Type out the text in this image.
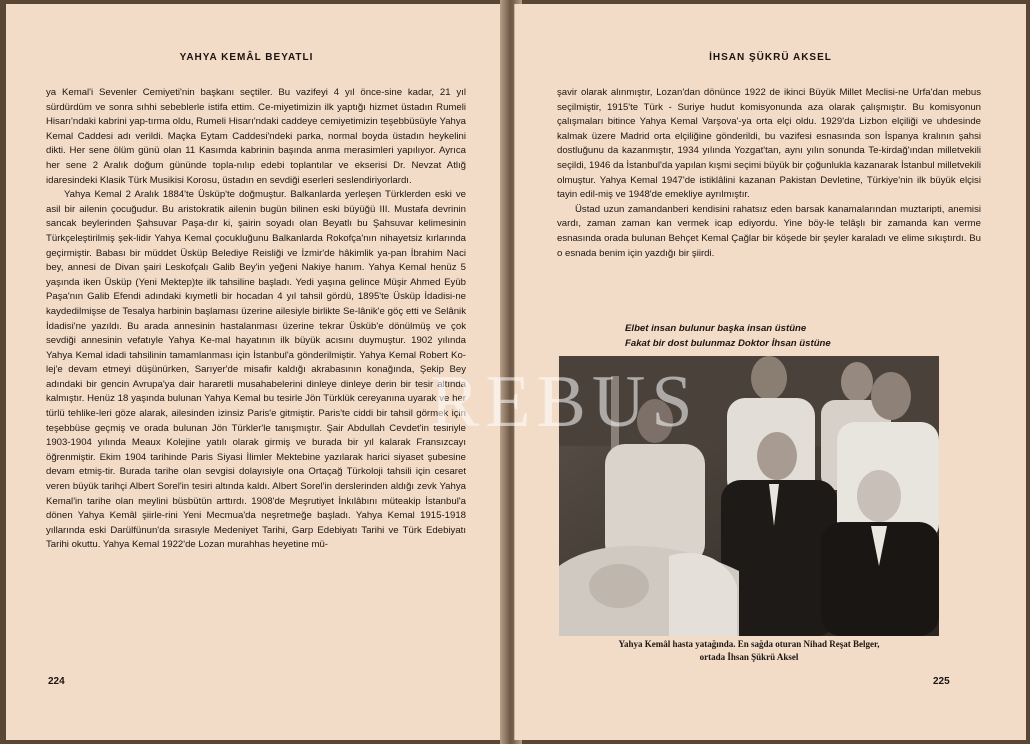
YAHYA KEMÂL BEYATLI

ya Kemal'i Sevenler Cemiyeti'nin başkanı seçtiler. Bu vazifeyi 4 yıl önce-sine kadar, 21 yıl sürdürdüm ve sonra sıhhi sebeblerle istifa ettim. Ce-miyetimizin ilk yaptığı hizmet üstadın Rumeli Hisarı'ndaki kabrini yap-tırma oldu, Rumeli Hisarı'ndaki caddeye cemiyetimizin teşebbüsüyle Yahya Kemal Caddesi adı verildi. Maçka Eytam Caddesi'ndeki parka, normal boyda üstadın heykelini dikti. Her sene ölüm günü olan 11 Kasımda kabrinin başında anma merasimleri yapılıyor. Ayrıca her sene 2 Aralık doğum gününde topla-nılıp edebi toplantılar ve ekserisi Dr. Nevzat Atlığ idaresindeki Klasik Türk Musikisi Korosu, üstadın en sevdiği eserleri seslendiriyorlardı.

Yahya Kemal 2 Aralık 1884'te Üsküp'te doğmuştur. Balkanlarda yerleşen Türklerden eski ve asil bir ailenin çocuğudur. Bu aristokratik ailenin bugün bilinen eski büyüğü III. Mustafa devrinin sancak beylerinden Şahsuvar Paşa-dır ki, şairin soyadı olan Beyatlı bu Şahsuvar kelimesinin Türkçeleştirilmiş şek-lidir Yahya Kemal çocukluğunu Balkanlarda Rokofça'nın nihayetsiz kırlarında geçirmiştir. Babası bir müddet Üsküp Belediye Reisliği ve İzmir'de hâkimlik ya-pan İbrahim Naci bey, annesi de Divan şairi Leskofçalı Galib Bey'in yeğeni Nakiye hanım. Yahya Kemal henüz 5 yaşında iken Üsküp (Yeni Mektep)te ilk tahsiline başladı. Yedi yaşına gelince Müşir Ahmed Eyüb Paşa'nın Galib Efendi adındaki kıymetli bir hocadan 4 yıl tahsil gördü, 1895'te Üsküp İdadisi-ne kaydedilmişse de Tesalya harbinin başlaması üzerine ailesiyle birlikte Se-lânik'e göç etti ve Selânik İdadisi'ne yazıldı. Bu arada annesinin hastalanması üzerine tekrar Üsküb'e dönülmüş ve çok sevdiği annesinin vefatıyle Yahya Ke-mal hayatının ilk büyük acısını duymuştur. 1902 yılında Yahya Kemal idadi tahsilinin tamamlanması için İstanbul'a gönderilmiştir. Yahya Kemal Robert Ko-lej'e devam etmeyi düşünürken, Sarıyer'de misafir kaldığı akrabasının konağında, Şekip Bey adındaki bir gencin Avrupa'ya dair hararetli musahabelerini dinleye dinleye derin bir tesir altında kalmıştır. Henüz 18 yaşında bulunan Yahya Kemal bu tesirle Jön Türklük cereyanına uyarak ve her türlü tehlike-leri göze alarak, ailesinden izinsiz Paris'e gitmiştir. Paris'te ciddi bir tahsil görmek için teşebbüse geçmiş ve orada bulunan Jön Türkler'le tanışmıştır. Şair Abdullah Cevdet'in tesiriyle 1903-1904 yılında Meaux Kolejine yatılı olarak girmiş ve burada bir yıl kalarak Fransızcayı öğrenmiştir. Ekim 1904 tarihinde Paris Siyasi İlimler Mektebine yazılarak harici siyaset şubesine devam etmiş-tir. Burada tarihe olan sevgisi dolayısiyle ona Ortaçağ Türkoloji tahsili için cesaret veren büyük tarihçi Albert Sorel'in tesiri altında kaldı. Albert Sorel'in derslerinden aldığı zevk Yahya Kemal'in tarihe olan meylini büsbütün arttırdı. 1908'de Meşrutiyet İnkılâbını müteakip İstanbul'a dönen Yahya Kemâl şiirle-rini Yeni Mecmua'da neşretmeğe başladı. Yahya Kemal 1915-1918 yıllarında eski Darülfünun'da sırasıyle Medeniyet Tarihi, Garp Edebiyatı Tarihi ve Türk Edebiyatı Tarihi okuttu. Yahya Kemal 1922'de Lozan murahhas heyetine mü-

224
İHSAN ŞÜKRÜ AKSEL

şavir olarak alınmıştır, Lozan'dan dönünce 1922 de ikinci Büyük Millet Meclisi-ne Urfa'dan mebus seçilmiştir, 1915'te Türk - Suriye hudut komisyonunda aza olarak çalışmıştır. Bu komisyonun çalışmaları bitince Yahya Kemal Varşova'-ya orta elçi oldu. 1929'da Lizbon elçiliği ve uhdesinde kalmak üzere Madrid orta elçiliğine gönderildi, bu vazifesi esnasında son İspanya kralının şahsi dostluğunu da kazanmıştır, 1934 yılında Yozgat'tan, aynı yılın sonunda Te-kirdağ'ından milletvekili seçildi, 1946 da İstanbul'da yapılan kışmi seçimi büyük bir çoğunlukla kazanarak İstanbul milletvekili olmuştur. Yahya Kemal 1947'de istiklâlini kazanan Pakistan Devletine, Türkiye'nin ilk büyük elçisi tayin edil-miş ve 1948'de emekliye ayrılmıştır.

Üstad uzun zamandanberi kendisini rahatsız eden barsak kanamalarından muztaripti, anemisi vardı, zaman zaman kan vermek icap ediyordu. Yine böy-le telâşlı bir zamanda kan verme esnasında orada bulunan Behçet Kemal Çağlar bir köşede bir şeyler karaladı ve elime sıkıştırdı. Bu o esnada benim için yazdığı bir şiirdi.

Elbet insan bulunur başka insan üstüne
Fakat bir dost bulunmaz Doktor İhsan üstüne
Yahya Kemâl hasta yatağında. En sağda oturan Nihad Reşat Belger,
ortada İhsan Şükrü Aksel
225
REBUS
